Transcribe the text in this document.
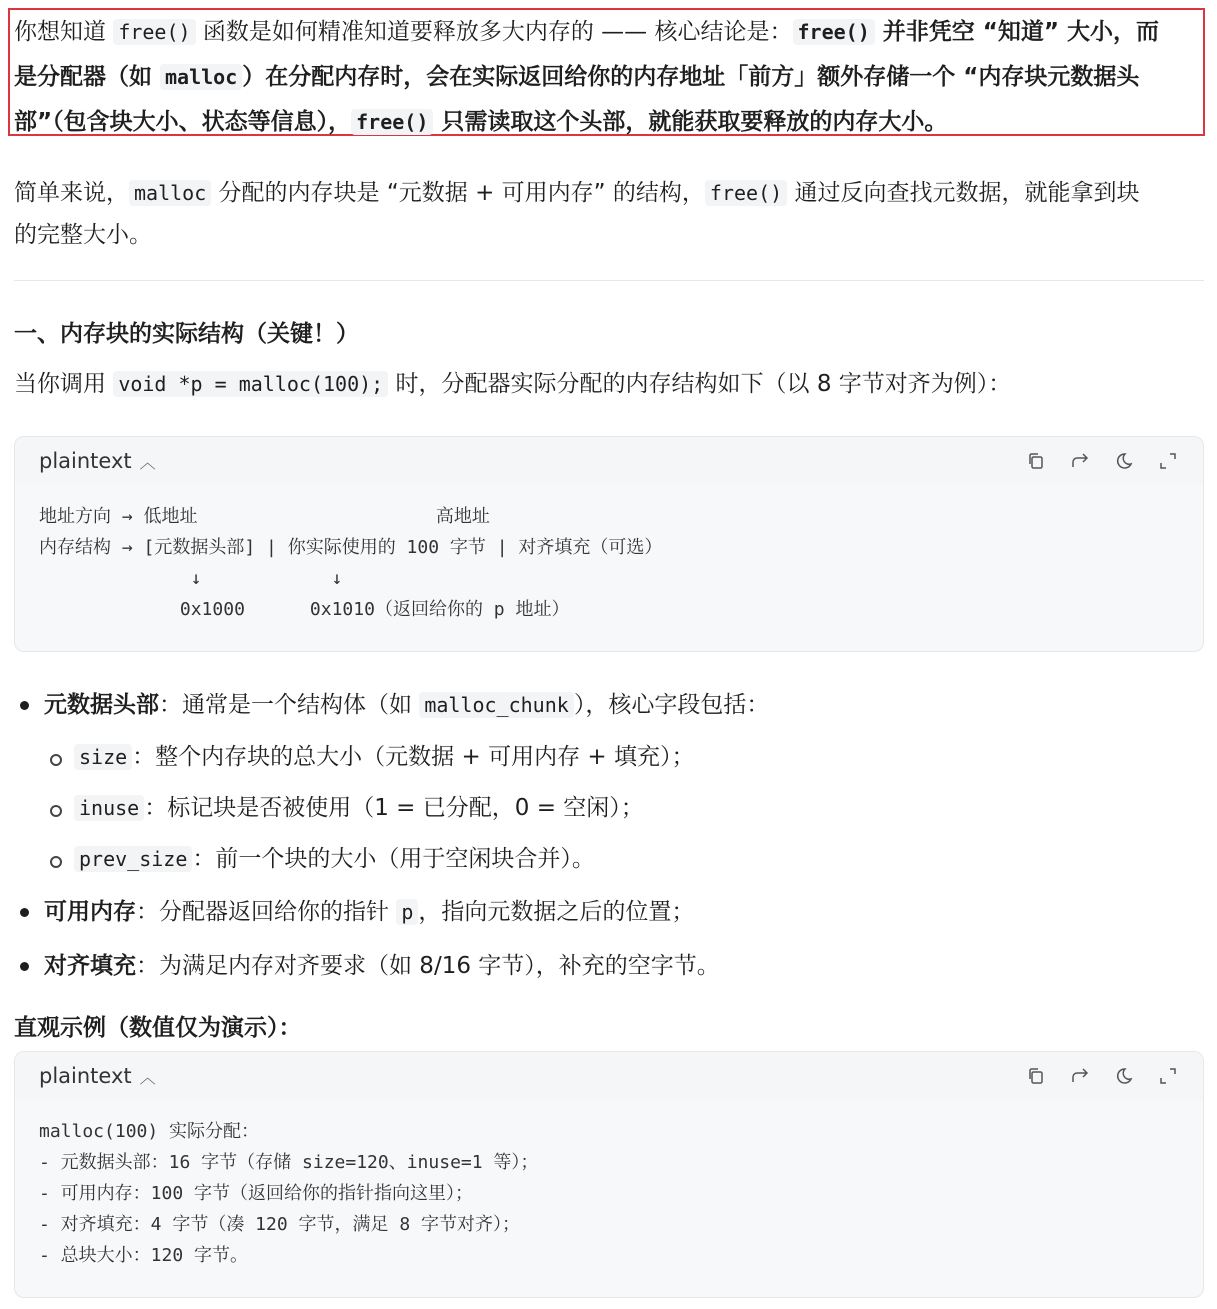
你想知道 free() 函数是如何精准知道要释放多大内存的 —— 核心结论是： free() 并非凭空 “知道” 大小，而
是分配器（如 malloc ）在分配内存时，会在实际返回给你的内存地址「前方」额外存储一个 “内存块元数据头
部”（包含块大小、状态等信息）， free() 只需读取这个头部，就能获取要释放的内存大小。
简单来说， malloc 分配的内存块是 “元数据 + 可用内存” 的结构， free() 通过反向查找元数据，就能拿到块
的完整大小。
一、内存块的实际结构（关键！）
当你调用 void *p = malloc(100); 时，分配器实际分配的内存结构如下（以 8 字节对齐为例）：
plaintext ︿
地址方向 → 低地址                      高地址
内存结构 → [元数据头部] | 你实际使用的 100 字节 | 对齐填充（可选）
↓            ↓
0x1000      0x1010（返回给你的 p 地址）
元数据头部：通常是一个结构体（如 malloc_chunk ），核心字段包括：
size ：整个内存块的总大小（元数据 + 可用内存 + 填充）；
inuse ：标记块是否被使用（1 = 已分配，0 = 空闲）；
prev_size ：前一个块的大小（用于空闲块合并）。
可用内存：分配器返回给你的指针 p ，指向元数据之后的位置；
对齐填充：为满足内存对齐要求（如 8/16 字节），补充的空字节。
直观示例（数值仅为演示）：
plaintext ︿
malloc(100) 实际分配：
- 元数据头部：16 字节（存储 size=120、inuse=1 等）；
- 可用内存：100 字节（返回给你的指针指向这里）；
- 对齐填充：4 字节（凑 120 字节，满足 8 字节对齐）；
- 总块大小：120 字节。
